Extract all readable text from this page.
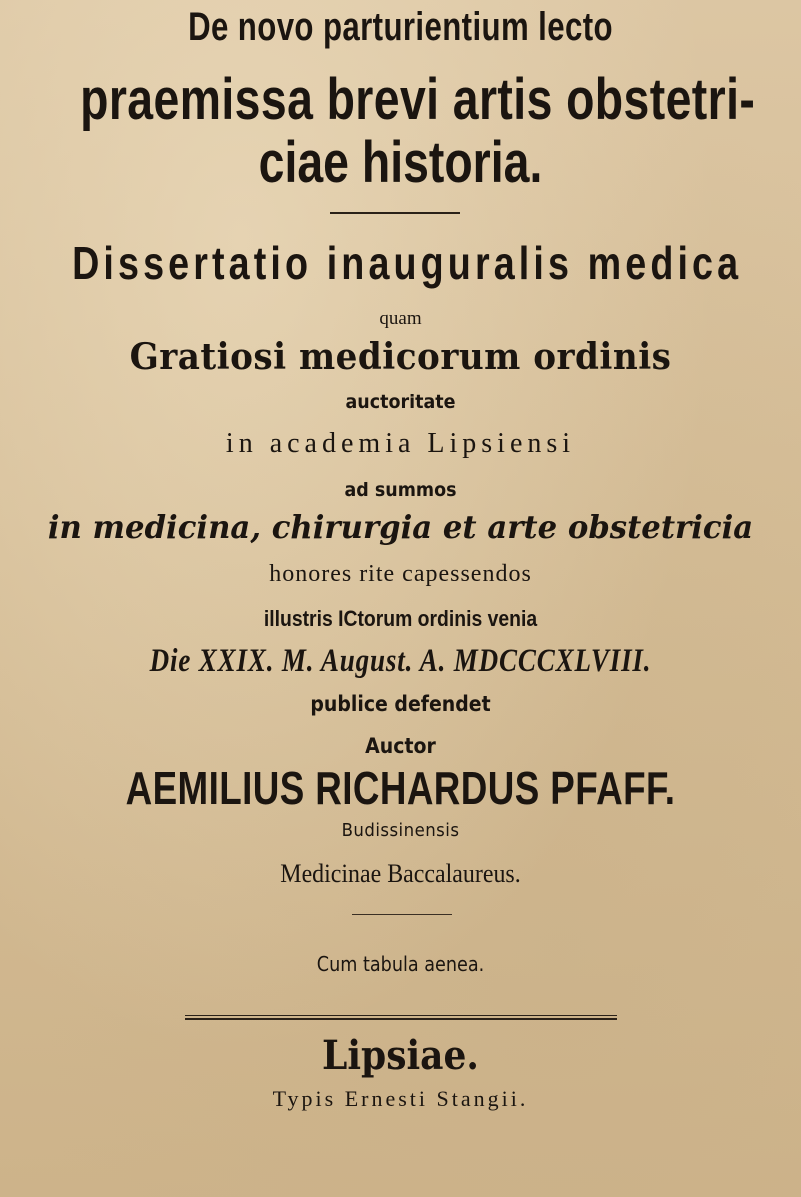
De novo parturientium lecto

praemissa brevi artis obstetri-

ciae historia.

Dissertatio inauguralis medica

quam

Gratiosi medicorum ordinis

auctoritate

in academia Lipsiensi

ad summos

in medicina, chirurgia et arte obstetricia

honores rite capessendos

illustris ICtorum ordinis venia

Die XXIX. M. August. A. MDCCCXLVIII.

publice defendet

Auctor

AEMILIUS RICHARDUS PFAFF.

Budissinensis

Medicinae Baccalaureus.

Cum tabula aenea.

Lipsiae.

Typis Ernesti Stangii.
